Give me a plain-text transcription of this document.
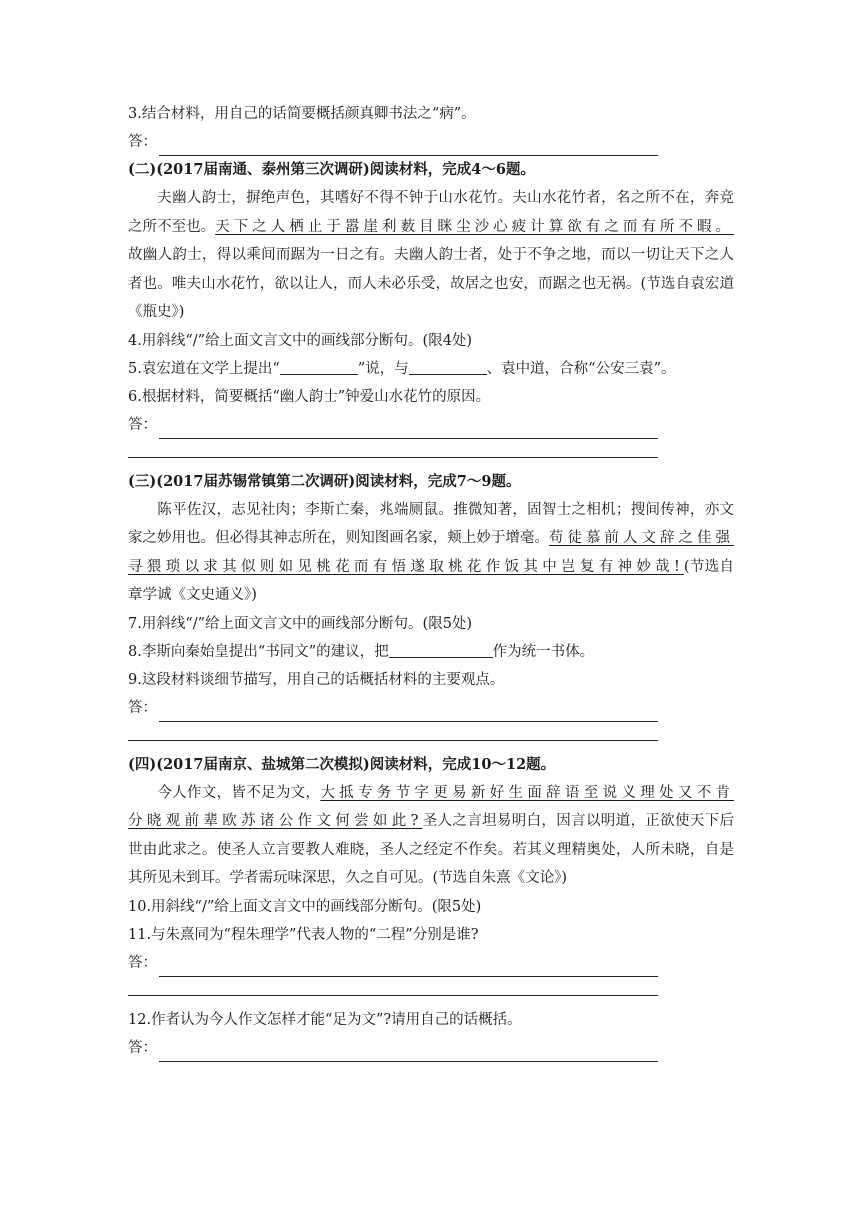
3.结合材料，用自己的话简要概括颜真卿书法之“病”。
答：
(二)(2017届南通、泰州第三次调研)阅读材料，完成4～6题。
夫幽人韵士，摒绝声色，其嗜好不得不钟于山水花竹。夫山水花竹者，名之所不在，奔竞之所不至也。天下之人栖止于嚣崖利薮目眯尘沙心疲计算欲有之而有所不暇。故幽人韵士，得以乘间而踞为一日之有。夫幽人韵士者，处于不争之地，而以一切让天下之人者也。唯夫山水花竹，欲以让人，而人未必乐受，故居之也安，而踞之也无祸。(节选自袁宏道《瓶史》)
4.用斜线“/”给上面文言文中的画线部分断句。(限4处)
5.袁宏道在文学上提出“	”说，与	、袁中道，合称“公安三袁”。
6.根据材料，简要概括“幽人韵士”钟爱山水花竹的原因。
答：
(三)(2017届苏锡常镇第二次调研)阅读材料，完成7～9题。
陈平佐汉，志见社肉；李斯亡秦，兆端厕鼠。推微知著，固智士之相机；搜间传神，亦文家之妙用也。但必得其神志所在，则知图画名家，颊上妙于增毫。苟徒慕前人文辞之佳强寻猥琐以求其似则如见桃花而有悟遂取桃花作饭其中岂复有神妙哉!(节选自章学诚《文史通义》)
7.用斜线“/”给上面文言文中的画线部分断句。(限5处)
8.李斯向秦始皇提出“书同文”的建议，把	作为统一书体。
9.这段材料谈细节描写，用自己的话概括材料的主要观点。
答：
(四)(2017届南京、盐城第二次模拟)阅读材料，完成10～12题。
今人作文，皆不足为文，大抵专务节字更易新好生面辞语至说义理处又不肯分晓观前辈欧苏诸公作文何尝如此?圣人之言坦易明白，因言以明道，正欲使天下后世由此求之。使圣人立言要教人难晓，圣人之经定不作矣。若其义理精奥处，人所未晓，自是其所见未到耳。学者需玩味深思，久之自可见。(节选自朱熹《文论》)
10.用斜线“/”给上面文言文中的画线部分断句。(限5处)
11.与朱熹同为“程朱理学”代表人物的“二程”分别是谁?
答：
12.作者认为今人作文怎样才能“足为文”?请用自己的话概括。
答：
